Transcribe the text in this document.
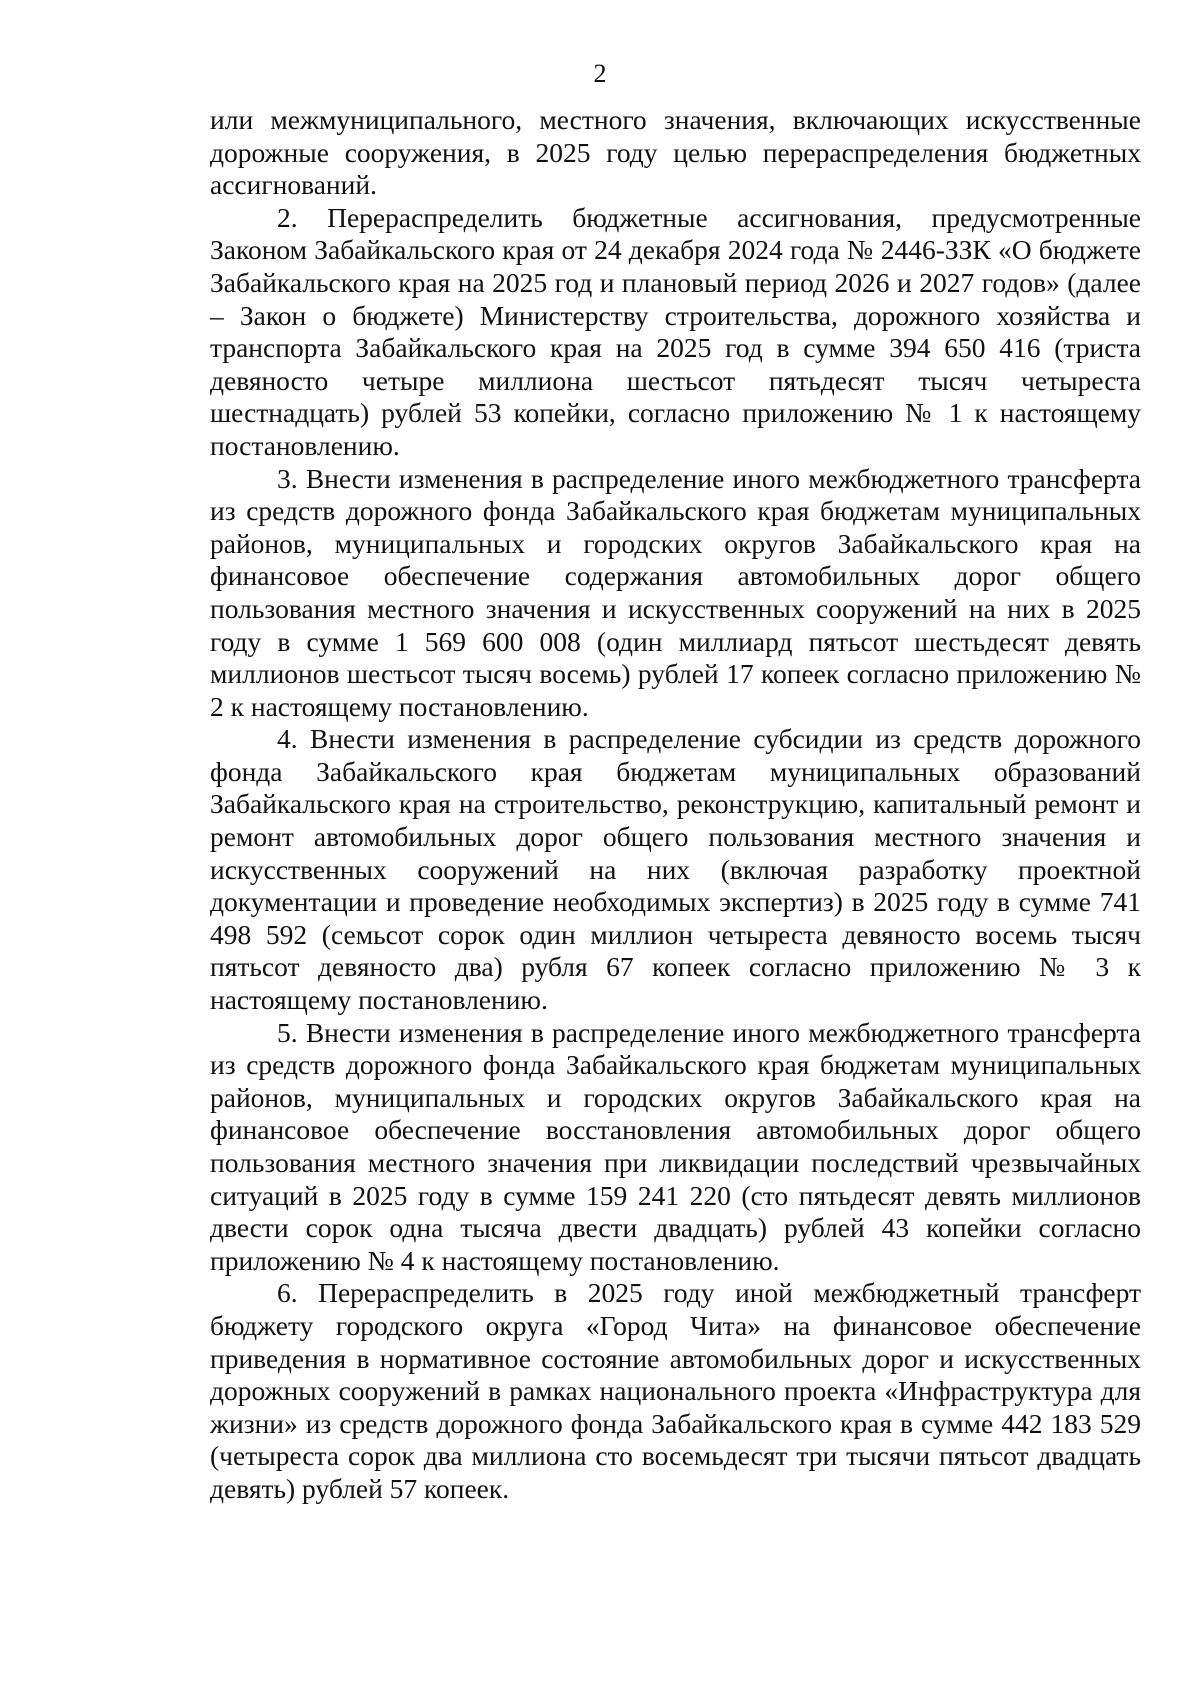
2

или межмуниципального, местного значения, включающих искусственные дорожные сооружения, в 2025 году целью перераспределения бюджетных ассигнований.

2. Перераспределить бюджетные ассигнования, предусмотренные Законом Забайкальского края от 24 декабря 2024 года № 2446-ЗЗК «О бюджете Забайкальского края на 2025 год и плановый период 2026 и 2027 годов» (далее – Закон о бюджете) Министерству строительства, дорожного хозяйства и транспорта Забайкальского края на 2025 год в сумме 394 650 416 (триста девяносто четыре миллиона шестьсот пятьдесят тысяч четыреста шестнадцать) рублей 53 копейки, согласно приложению № 1 к настоящему постановлению.

3. Внести изменения в распределение иного межбюджетного трансферта из средств дорожного фонда Забайкальского края бюджетам муниципальных районов, муниципальных и городских округов Забайкальского края на финансовое обеспечение содержания автомобильных дорог общего пользования местного значения и искусственных сооружений на них в 2025 году в сумме 1 569 600 008 (один миллиард пятьсот шестьдесят девять миллионов шестьсот тысяч восемь) рублей 17 копеек согласно приложению № 2 к настоящему постановлению.

4. Внести изменения в распределение субсидии из средств дорожного фонда Забайкальского края бюджетам муниципальных образований Забайкальского края на строительство, реконструкцию, капитальный ремонт и ремонт автомобильных дорог общего пользования местного значения и искусственных сооружений на них (включая разработку проектной документации и проведение необходимых экспертиз) в 2025 году в сумме 741 498 592 (семьсот сорок один миллион четыреста девяносто восемь тысяч пятьсот девяносто два) рубля 67 копеек согласно приложению № 3 к настоящему постановлению.

5. Внести изменения в распределение иного межбюджетного трансферта из средств дорожного фонда Забайкальского края бюджетам муниципальных районов, муниципальных и городских округов Забайкальского края на финансовое обеспечение восстановления автомобильных дорог общего пользования местного значения при ликвидации последствий чрезвычайных ситуаций в 2025 году в сумме 159 241 220 (сто пятьдесят девять миллионов двести сорок одна тысяча двести двадцать) рублей 43 копейки согласно приложению № 4 к настоящему постановлению.

6. Перераспределить в 2025 году иной межбюджетный трансферт бюджету городского округа «Город Чита» на финансовое обеспечение приведения в нормативное состояние автомобильных дорог и искусственных дорожных сооружений в рамках национального проекта «Инфраструктура для жизни» из средств дорожного фонда Забайкальского края в сумме 442 183 529 (четыреста сорок два миллиона сто восемьдесят три тысячи пятьсот двадцать девять) рублей 57 копеек.
